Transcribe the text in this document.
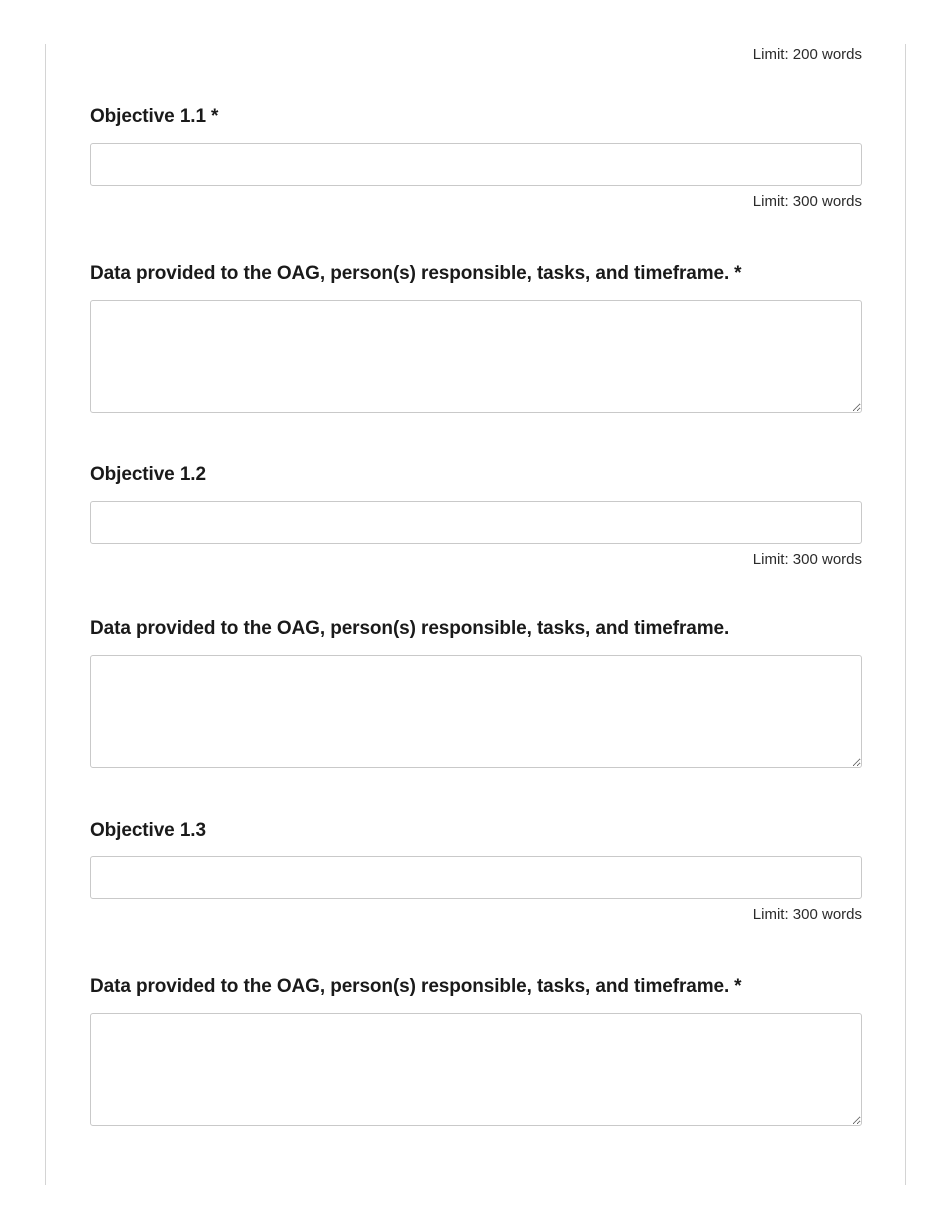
Limit: 200 words
Objective 1.1 *
Limit: 300 words
Data provided to the OAG, person(s) responsible, tasks, and timeframe. *
Objective 1.2
Limit: 300 words
Data provided to the OAG, person(s) responsible, tasks, and timeframe.
Objective 1.3
Limit: 300 words
Data provided to the OAG, person(s) responsible, tasks, and timeframe. *
